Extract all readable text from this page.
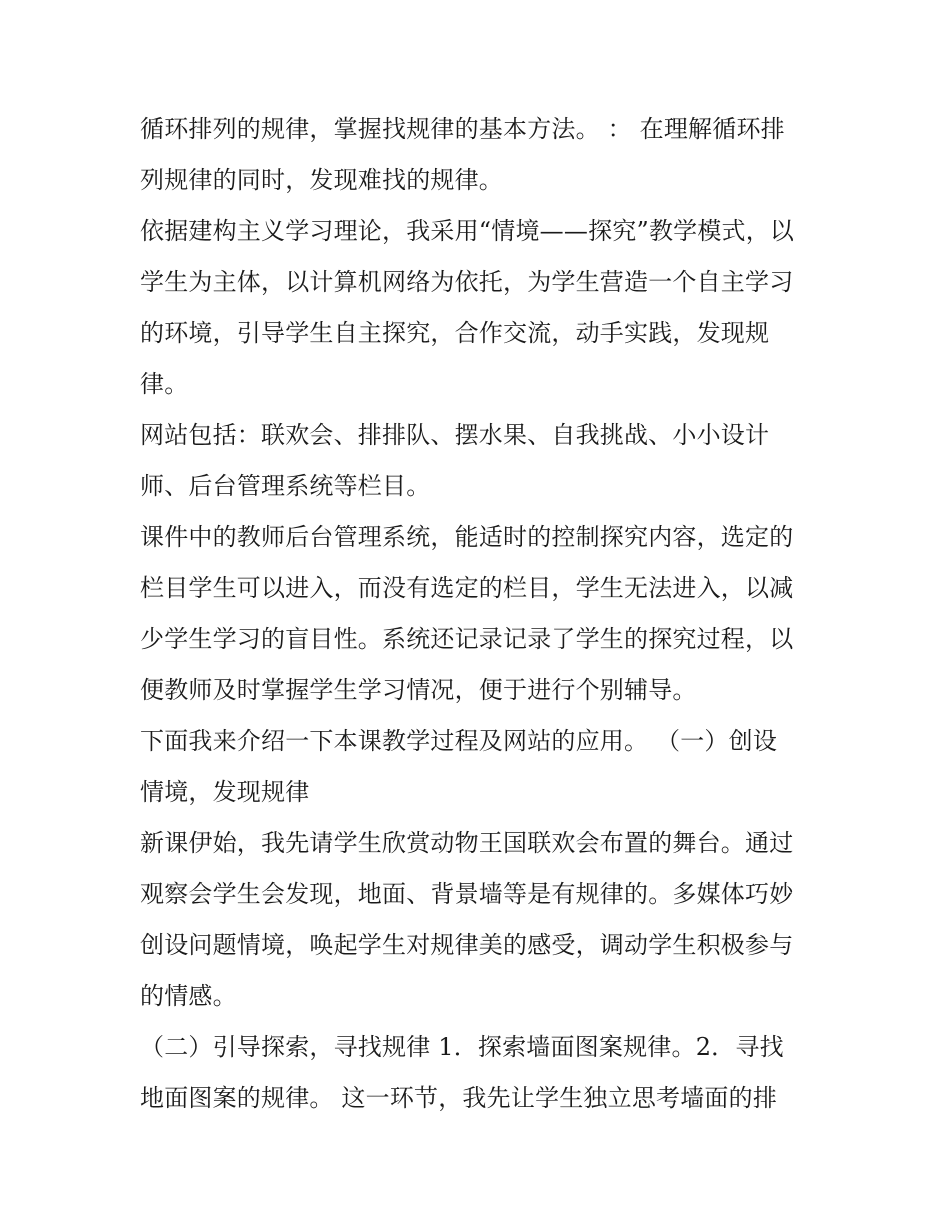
循环排列的规律，掌握找规律的基本方法。 ： 在理解循环排
列规律的同时，发现难找的规律。
依据建构主义学习理论，我采用“情境——探究”教学模式，以
学生为主体，以计算机网络为依托，为学生营造一个自主学习
的环境，引导学生自主探究，合作交流，动手实践，发现规
律。
网站包括：联欢会、排排队、摆水果、自我挑战、小小设计
师、后台管理系统等栏目。
课件中的教师后台管理系统，能适时的控制探究内容，选定的
栏目学生可以进入，而没有选定的栏目，学生无法进入，以减
少学生学习的盲目性。系统还记录记录了学生的探究过程，以
便教师及时掌握学生学习情况，便于进行个别辅导。
下面我来介绍一下本课教学过程及网站的应用。 （一）创设
情境，发现规律
新课伊始，我先请学生欣赏动物王国联欢会布置的舞台。通过
观察会学生会发现，地面、背景墙等是有规律的。多媒体巧妙
创设问题情境，唤起学生对规律美的感受，调动学生积极参与
的情感。
（二）引导探索，寻找规律 1．探索墙面图案规律。2．寻找
地面图案的规律。 这一环节，我先让学生独立思考墙面的排
